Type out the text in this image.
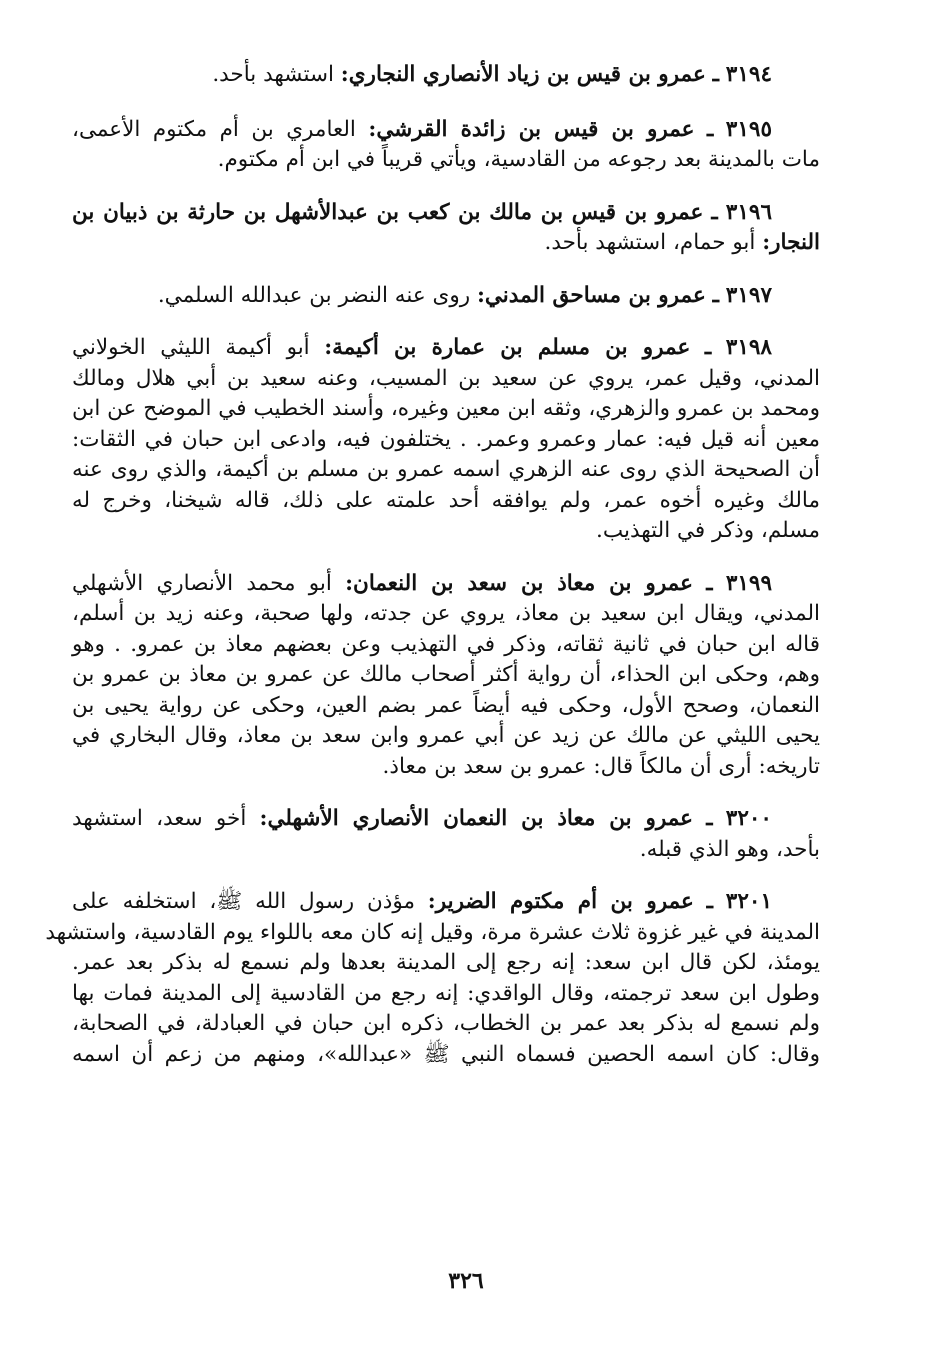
٣١٩٤ ـ عمرو بن قيس بن زياد الأنصاري النجاري: استشهد بأحد.
٣١٩٥ ـ عمرو بن قيس بن زائدة القرشي: العامري بن أم مكتوم الأعمى،
مات بالمدينة بعد رجوعه من القادسية، ويأتي قريباً في ابن أم مكتوم.
٣١٩٦ ـ عمرو بن قيس بن مالك بن كعب بن عبدالأشهل بن حارثة بن ذبيان بن
النجار: أبو حمام، استشهد بأحد.
٣١٩٧ ـ عمرو بن مساحق المدني: روى عنه النضر بن عبدالله السلمي.
٣١٩٨ ـ عمرو بن مسلم بن عمارة بن أكيمة: أبو أكيمة الليثي الخولاني
المدني، وقيل عمر، يروي عن سعيد بن المسيب، وعنه سعيد بن أبي هلال ومالك
ومحمد بن عمرو والزهري، وثقه ابن معين وغيره، وأسند الخطيب في الموضح عن ابن
معين أنه قيل فيه: عمار وعمرو وعمر. . يختلفون فيه، وادعى ابن حبان في الثقات:
أن الصحيحة الذي روى عنه الزهري اسمه عمرو بن مسلم بن أكيمة، والذي روى عنه
مالك وغيره أخوه عمر، ولم يوافقه أحد علمته على ذلك، قاله شيخنا، وخرج له
مسلم، وذكر في التهذيب.
٣١٩٩ ـ عمرو بن معاذ بن سعد بن النعمان: أبو محمد الأنصاري الأشهلي
المدني، ويقال ابن سعيد بن معاذ، يروي عن جدته، ولها صحبة، وعنه زيد بن أسلم،
قاله ابن حبان في ثانية ثقاته، وذكر في التهذيب وعن بعضهم معاذ بن عمرو. . وهو
وهم، وحكى ابن الحذاء، أن رواية أكثر أصحاب مالك عن عمرو بن معاذ بن عمرو بن
النعمان، وصحح الأول، وحكى فيه أيضاً عمر بضم العين، وحكى عن رواية يحيى بن
يحيى الليثي عن مالك عن زيد عن أبي عمرو وابن سعد بن معاذ، وقال البخاري في
تاريخه: أرى أن مالكاً قال: عمرو بن سعد بن معاذ.
٣٢٠٠ ـ عمرو بن معاذ بن النعمان الأنصاري الأشهلي: أخو سعد، استشهد
بأحد، وهو الذي قبله.
٣٢٠١ ـ عمرو بن أم مكتوم الضرير: مؤذن رسول الله ﷺ، استخلفه على
المدينة في غير غزوة ثلاث عشرة مرة، وقيل إنه كان معه باللواء يوم القادسية، واستشهد
يومئذ، لكن قال ابن سعد: إنه رجع إلى المدينة بعدها ولم نسمع له بذكر بعد عمر.
وطول ابن سعد ترجمته، وقال الواقدي: إنه رجع من القادسية إلى المدينة فمات بها
ولم نسمع له بذكر بعد عمر بن الخطاب، ذكره ابن حبان في العبادلة، في الصحابة،
وقال: كان اسمه الحصين فسماه النبي ﷺ «عبدالله»، ومنهم من زعم أن اسمه
٣٢٦
